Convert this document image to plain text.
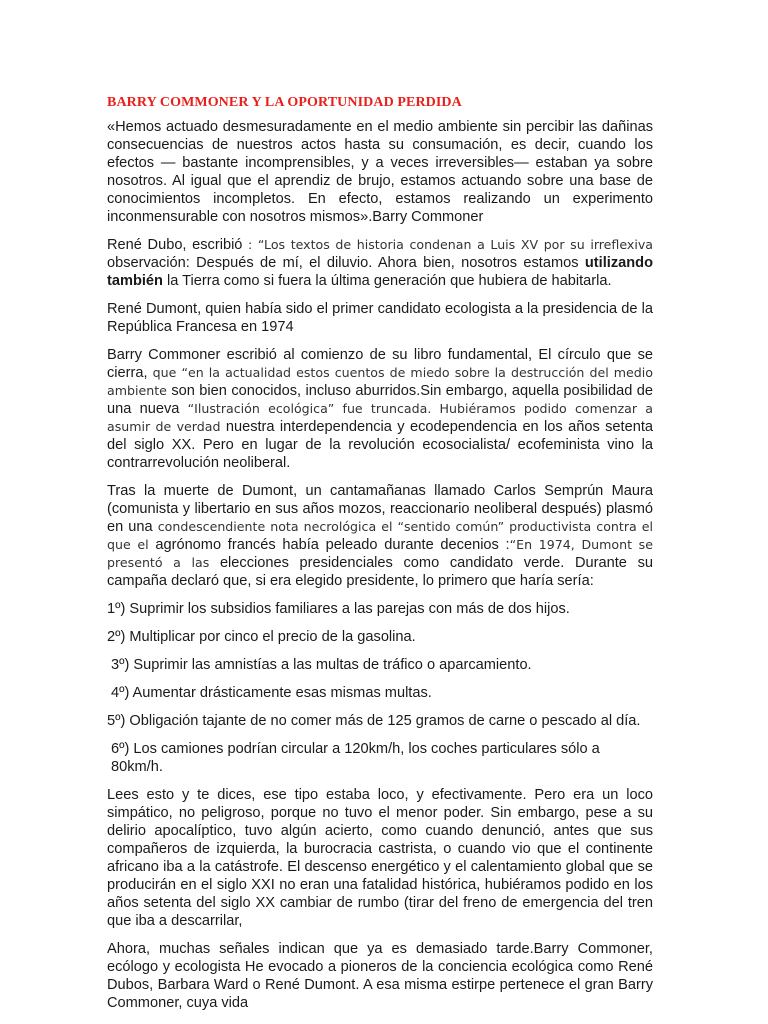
BARRY COMMONER Y LA OPORTUNIDAD PERDIDA

«Hemos actuado desmesuradamente en el medio ambiente sin percibir las dañinas consecuencias de nuestros actos hasta su consumación, es decir, cuando los efectos — bastante incomprensibles, y a veces irreversibles— estaban ya sobre nosotros. Al igual que el aprendiz de brujo, estamos actuando sobre una base de conocimientos incompletos. En efecto, estamos realizando un experimento inconmensurable con nosotros mismos».Barry Commoner

René Dubo, escribió : “Los textos de historia condenan a Luis XV por su irreflexiva observación: Después de mí, el diluvio. Ahora bien, nosotros estamos utilizando también la Tierra como si fuera la última generación que hubiera de habitarla.

René Dumont, quien había sido el primer candidato ecologista a la presidencia de la República Francesa en 1974

Barry Commoner escribió al comienzo de su libro fundamental, El círculo que se cierra, que “en la actualidad estos cuentos de miedo sobre la destrucción del medio ambiente son bien conocidos, incluso aburridos.Sin embargo, aquella posibilidad de una nueva “Ilustración ecológica” fue truncada. Hubiéramos podido comenzar a asumir de verdad nuestra interdependencia y ecodependencia en los años setenta del siglo XX. Pero en lugar de la revolución ecosocialista/ ecofeminista vino la contrarrevolución neoliberal.

Tras la muerte de Dumont, un cantamañanas llamado Carlos Semprún Maura (comunista y libertario en sus años mozos, reaccionario neoliberal después) plasmó en una condescendiente nota necrológica el “sentido común” productivista contra el que el agrónomo francés había peleado durante decenios :“En 1974, Dumont se presentó a las elecciones presidenciales como candidato verde. Durante su campaña declaró que, si era elegido presidente, lo primero que haría sería:

1º) Suprimir los subsidios familiares a las parejas con más de dos hijos.
2º) Multiplicar por cinco el precio de la gasolina.
3º) Suprimir las amnistías a las multas de tráfico o aparcamiento.
4º) Aumentar drásticamente esas mismas multas.
5º) Obligación tajante de no comer más de 125 gramos de carne o pescado al día.
6º) Los camiones podrían circular a 120km/h, los coches particulares sólo a 80km/h.

Lees esto y te dices, ese tipo estaba loco, y efectivamente. Pero era un loco simpático, no peligroso, porque no tuvo el menor poder. Sin embargo, pese a su delirio apocalíptico, tuvo algún acierto, como cuando denunció, antes que sus compañeros de izquierda, la burocracia castrista, o cuando vio que el continente africano iba a la catástrofe. El descenso energético y el calentamiento global que se producirán en el siglo XXI no eran una fatalidad histórica, hubiéramos podido en los años setenta del siglo XX cambiar de rumbo (tirar del freno de emergencia del tren que iba a descarrilar,

Ahora, muchas señales indican que ya es demasiado tarde.Barry Commoner, ecólogo y ecologista He evocado a pioneros de la conciencia ecológica como René Dubos, Barbara Ward o René Dumont. A esa misma estirpe pertenece el gran Barry Commoner, cuya vida
